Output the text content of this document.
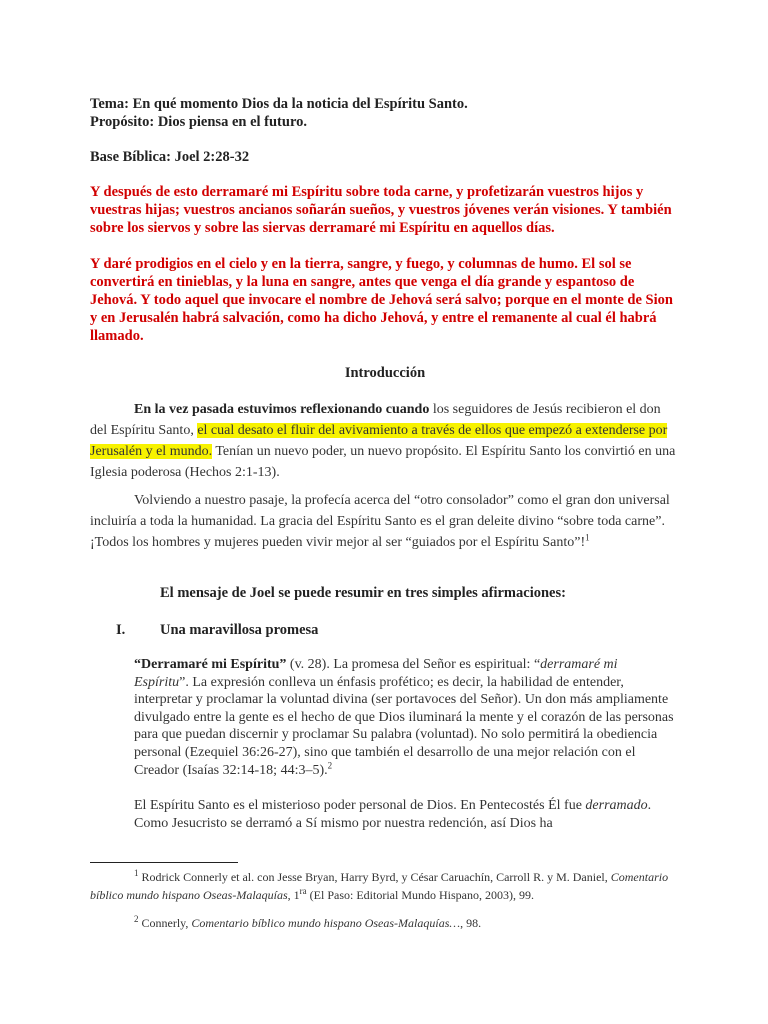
Tema: En qué momento Dios da la noticia del Espíritu Santo.
Propósito: Dios piensa en el futuro.
Base Bíblica: Joel 2:28-32
Y después de esto derramaré mi Espíritu sobre toda carne, y profetizarán vuestros hijos y vuestras hijas; vuestros ancianos soñarán sueños, y vuestros jóvenes verán visiones. Y también sobre los siervos y sobre las siervas derramaré mi Espíritu en aquellos días.
Y daré prodigios en el cielo y en la tierra, sangre, y fuego, y columnas de humo. El sol se convertirá en tinieblas, y la luna en sangre, antes que venga el día grande y espantoso de Jehová. Y todo aquel que invocare el nombre de Jehová será salvo; porque en el monte de Sion y en Jerusalén habrá salvación, como ha dicho Jehová, y entre el remanente al cual él habrá llamado.
Introducción
En la vez pasada estuvimos reflexionando cuando los seguidores de Jesús recibieron el don del Espíritu Santo, el cual desato el fluir del avivamiento a través de ellos que empezó a extenderse por Jerusalén y el mundo. Tenían un nuevo poder, un nuevo propósito. El Espíritu Santo los convirtió en una Iglesia poderosa (Hechos 2:1-13).
Volviendo a nuestro pasaje, la profecía acerca del “otro consolador” como el gran don universal incluiría a toda la humanidad. La gracia del Espíritu Santo es el gran deleite divino “sobre toda carne”. ¡Todos los hombres y mujeres pueden vivir mejor al ser “guiados por el Espíritu Santo”!$^1$
El mensaje de Joel se puede resumir en tres simples afirmaciones:
I.	Una maravillosa promesa
“Derramaré mi Espíritu” (v. 28). La promesa del Señor es espiritual: “derramaré mi Espíritu”. La expresión conlleva un énfasis profético; es decir, la habilidad de entender, interpretar y proclamar la voluntad divina (ser portavoces del Señor). Un don más ampliamente divulgado entre la gente es el hecho de que Dios iluminará la mente y el corazón de las personas para que puedan discernir y proclamar Su palabra (voluntad). No solo permitirá la obediencia personal (Ezequiel 36:26-27), sino que también el desarrollo de una mejor relación con el Creador (Isaías 32:14-18; 44:3–5).$^2$
El Espíritu Santo es el misterioso poder personal de Dios. En Pentecostés Él fue derramado. Como Jesucristo se derramó a Sí mismo por nuestra redención, así Dios ha
$^1$ Rodrick Connerly et al. con Jesse Bryan, Harry Byrd, y César Caruachín, Carroll R. y M. Daniel, Comentario bíblico mundo hispano Oseas-Malaquías, $1^{ra}$ (El Paso: Editorial Mundo Hispano, 2003), 99.
$^2$ Connerly, Comentario bíblico mundo hispano Oseas-Malaquías…, 98.
